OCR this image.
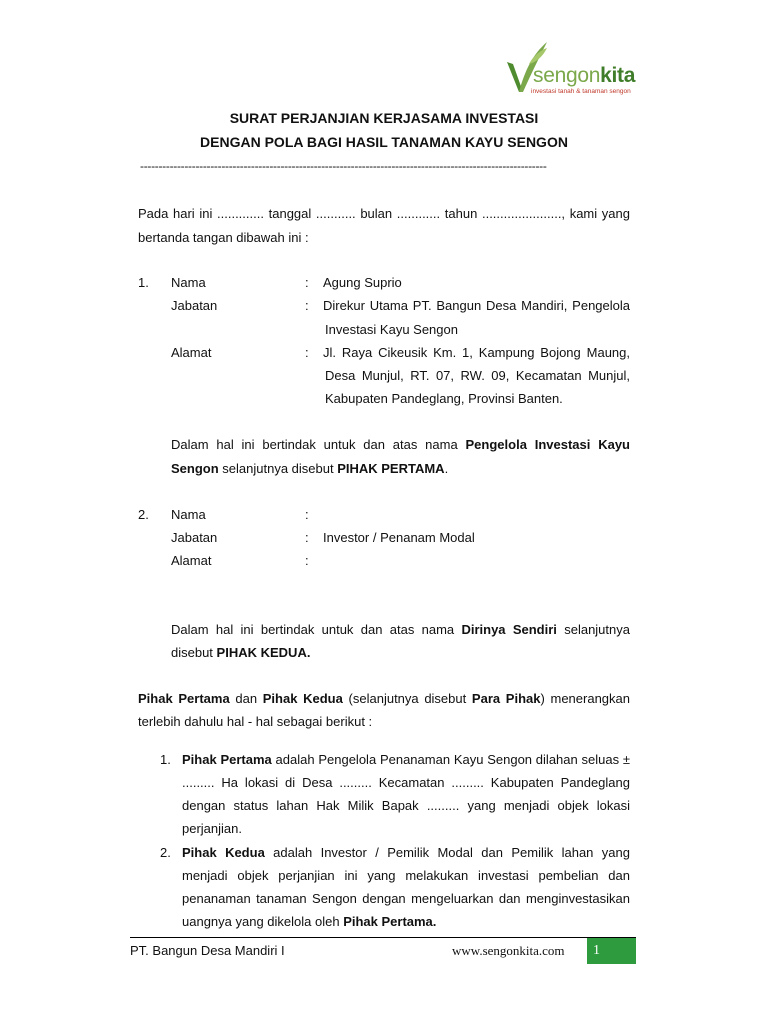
sengonkita
investasi tanah & tanaman sengon
SURAT PERJANJIAN KERJASAMA INVESTASI
DENGAN POLA BAGI HASIL TANAMAN KAYU SENGON
--------------------------------------------------------------------------------------------------------------
Pada hari ini ............. tanggal ........... bulan ............ tahun ......................, kami yang
bertanda tangan dibawah ini :
1. Nama	: Agung Suprio
Jabatan	: Direkur Utama PT. Bangun Desa Mandiri, Pengelola
Investasi Kayu Sengon
Alamat	: Jl. Raya Cikeusik Km. 1, Kampung Bojong Maung,
Desa Munjul, RT. 07, RW. 09, Kecamatan Munjul,
Kabupaten Pandeglang, Provinsi Banten.
Dalam hal ini bertindak untuk dan atas nama Pengelola Investasi Kayu
Sengon selanjutnya disebut PIHAK PERTAMA.
2. Nama	:
Jabatan	: Investor / Penanam Modal
Alamat	:
Dalam hal ini bertindak untuk dan atas nama Dirinya Sendiri selanjutnya
disebut PIHAK KEDUA.
Pihak Pertama dan Pihak Kedua (selanjutnya disebut Para Pihak) menerangkan
terlebih dahulu hal - hal sebagai berikut :
1. Pihak Pertama adalah Pengelola Penanaman Kayu Sengon dilahan seluas ±
......... Ha lokasi di Desa ......... Kecamatan ......... Kabupaten Pandeglang
dengan status lahan Hak Milik Bapak ......... yang menjadi objek lokasi
perjanjian.
2. Pihak Kedua adalah Investor / Pemilik Modal dan Pemilik lahan yang
menjadi objek perjanjian ini yang melakukan investasi pembelian dan
penanaman tanaman Sengon dengan mengeluarkan dan menginvestasikan
uangnya yang dikelola oleh Pihak Pertama.
PT. Bangun Desa Mandiri I	www.sengonkita.com 1
